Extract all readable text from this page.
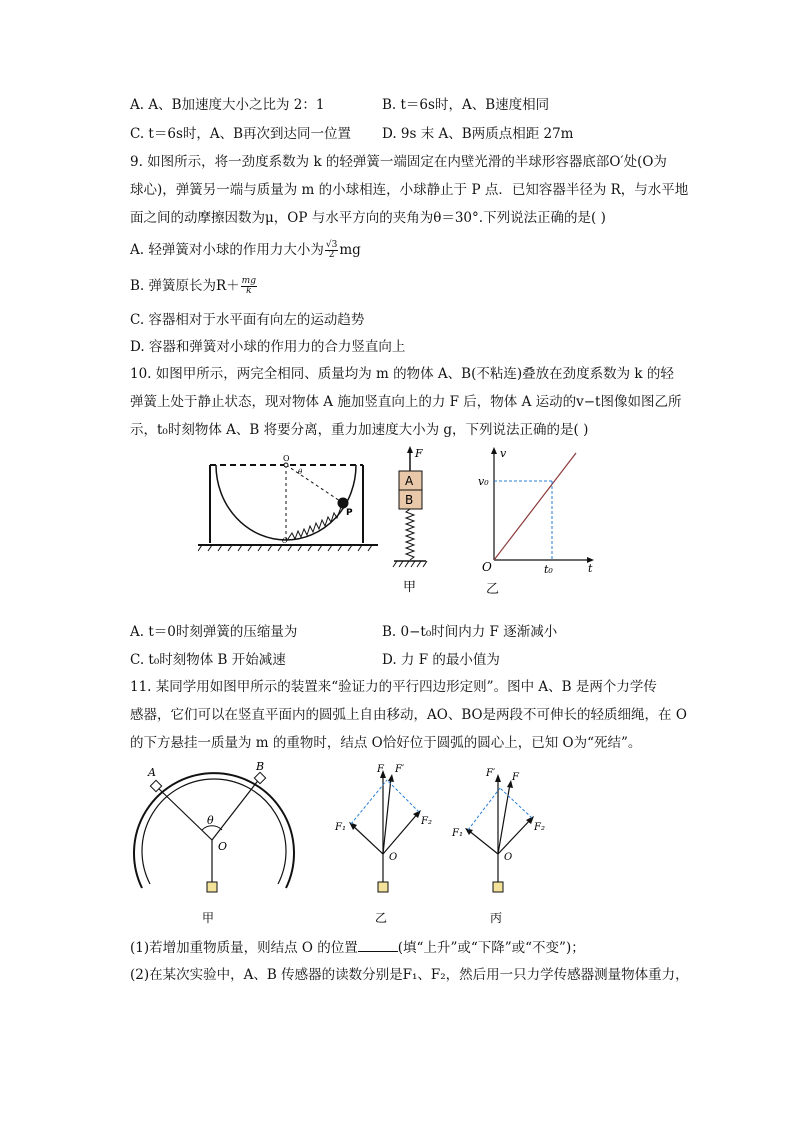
A. A、B加速度大小之比为 2：1	B. t＝6s时，A、B速度相同
C. t＝6s时，A、B再次到达同一位置 D. 9s 末 A、B两质点相距 27m
9. 如图所示，将一劲度系数为 k 的轻弹簧一端固定在内壁光滑的半球形容器底部O′处(O为
球心)，弹簧另一端与质量为 m 的小球相连，小球静止于 P 点．已知容器半径为 R，与水平地
面之间的动摩擦因数为μ，OP 与水平方向的夹角为θ＝30°.下列说法正确的是( )
A. 轻弹簧对小球的作用力大小为 $\frac{√3}{2}$ mg
B. 弹簧原长为$R+ \frac{mg}{k}$
C. 容器相对于水平面有向左的运动趋势
D. 容器和弹簧对小球的作用力的合力竖直向上
10. 如图甲所示，两完全相同、质量均为 m 的物体 A、B(不粘连)叠放在劲度系数为 k 的轻
弹簧上处于静止状态，现对物体 A 施加竖直向上的力 F 后，物体 A 运动的v−t图像如图乙所
示，t₀时刻物体 A、B 将要分离，重力加速度大小为 g，下列说法正确的是( )
O
θ
P
O′
F
A
B
甲
v
v₀
O	t₀	t
乙
A. t＝0时刻弹簧的压缩量为	B. 0−t₀时间内力 F 逐渐减小
C. t₀时刻物体 B 开始减速	D. 力 F 的最小值为
11. 某同学用如图甲所示的装置来“验证力的平行四边形定则”。图中 A、B 是两个力学传
感器，它们可以在竖直平面内的圆弧上自由移动，AO、BO是两段不可伸长的轻质细绳，在 O
的下方悬挂一质量为 m 的重物时，结点 O恰好位于圆弧的圆心上，已知 O为“死结”。
A	B
θ
O
甲
F F′
F₁
F₂
O
乙
F′ F
F₁
F₂
O
丙
(1)若增加重物质量，则结点 O 的位置	(填“上升”或“下降”或“不变”)；
(2)在某次实验中，A、B 传感器的读数分别是F₁、F₂，然后用一只力学传感器测量物体重力，
